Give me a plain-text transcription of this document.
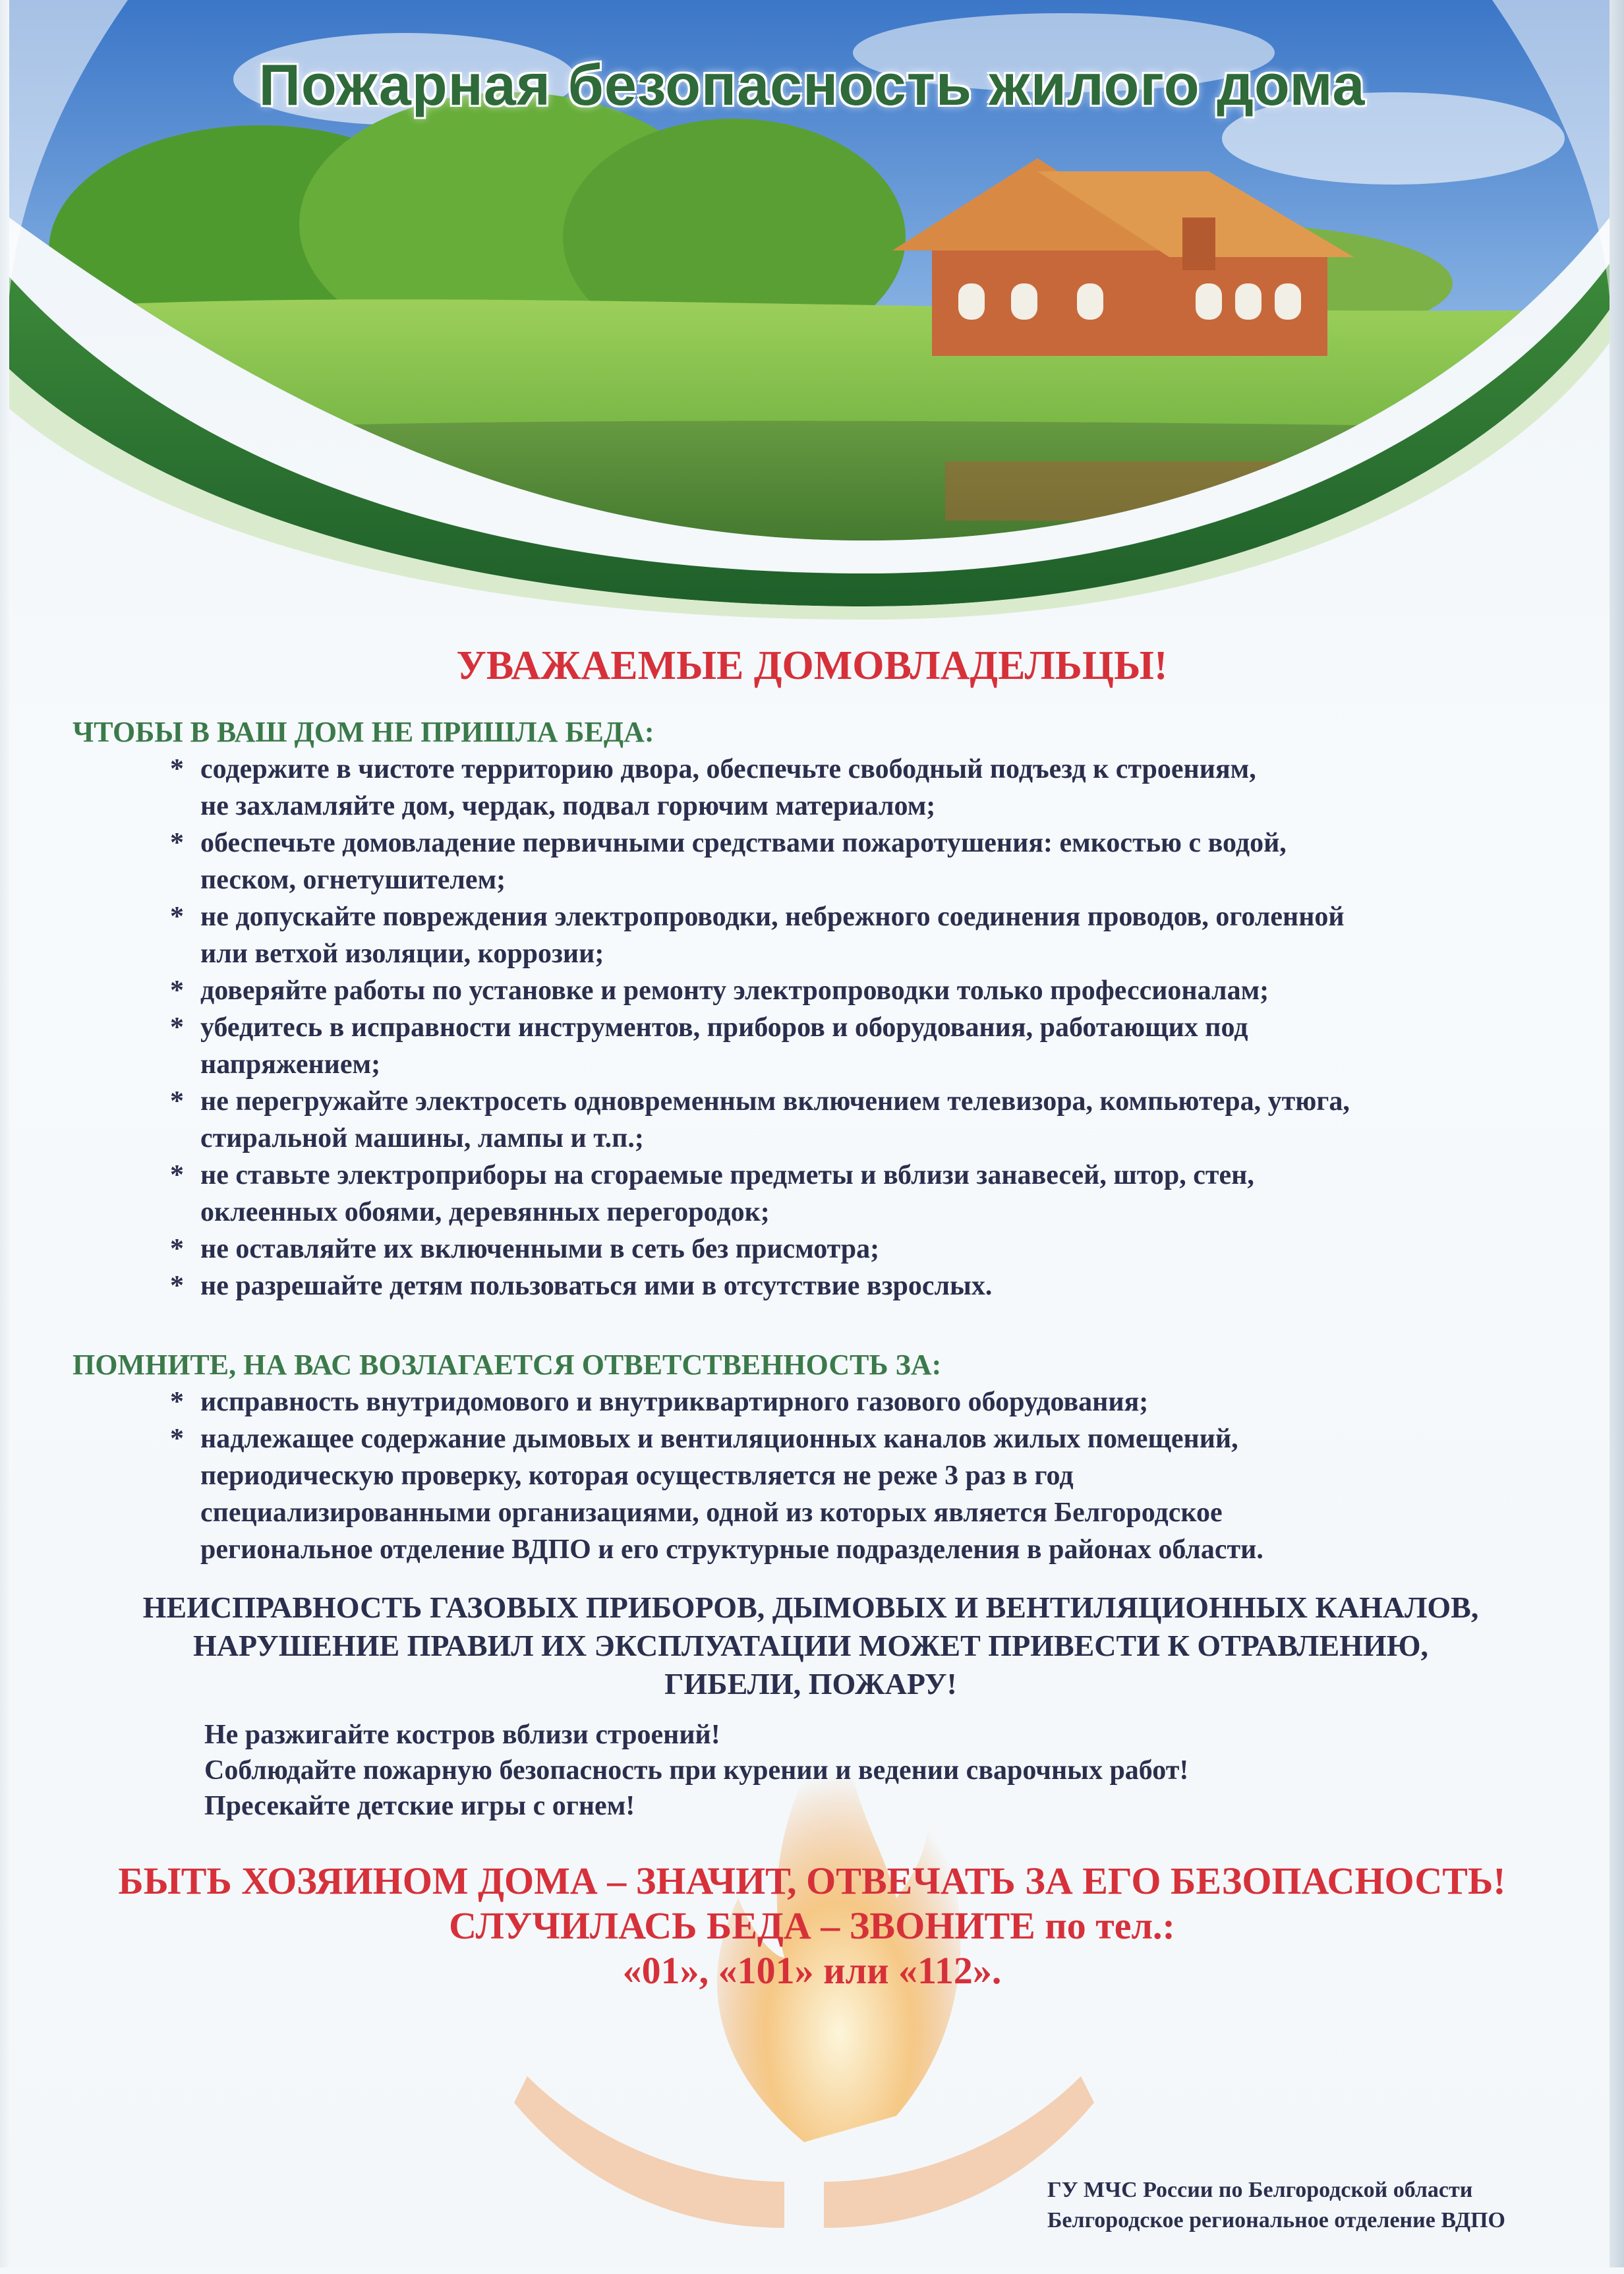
Пожарная безопасность жилого дома
УВАЖАЕМЫЕ ДОМОВЛАДЕЛЬЦЫ!
ЧТОБЫ В ВАШ ДОМ НЕ ПРИШЛА БЕДА:
* содержите в чистоте территорию двора, обеспечьте свободный подъезд к строениям,
не захламляйте дом, чердак, подвал горючим материалом;
* обеспечьте домовладение первичными средствами пожаротушения: емкостью с водой,
песком, огнетушителем;
* не допускайте повреждения электропроводки, небрежного соединения проводов, оголенной
или ветхой изоляции, коррозии;
* доверяйте работы по установке и ремонту электропроводки только профессионалам;
* убедитесь в исправности инструментов, приборов и оборудования, работающих под
напряжением;
* не перегружайте электросеть одновременным включением телевизора, компьютера, утюга,
стиральной машины, лампы и т.п.;
* не ставьте электроприборы на сгораемые предметы и вблизи занавесей, штор, стен,
оклеенных обоями, деревянных перегородок;
* не оставляйте их включенными в сеть без присмотра;
* не разрешайте детям пользоваться ими в отсутствие взрослых.
ПОМНИТЕ, НА ВАС ВОЗЛАГАЕТСЯ ОТВЕТСТВЕННОСТЬ ЗА:
* исправность внутридомового и внутриквартирного газового оборудования;
* надлежащее содержание дымовых и вентиляционных каналов жилых помещений,
периодическую проверку, которая осуществляется не реже 3 раз в год
специализированными организациями, одной из которых является Белгородское
региональное отделение ВДПО и его структурные подразделения в районах области.
НЕИСПРАВНОСТЬ ГАЗОВЫХ ПРИБОРОВ, ДЫМОВЫХ И ВЕНТИЛЯЦИОННЫХ КАНАЛОВ,
НАРУШЕНИЕ ПРАВИЛ ИХ ЭКСПЛУАТАЦИИ МОЖЕТ ПРИВЕСТИ К ОТРАВЛЕНИЮ,
ГИБЕЛИ, ПОЖАРУ!
Не разжигайте костров вблизи строений!
Соблюдайте пожарную безопасность при курении и ведении сварочных работ!
Пресекайте детские игры с огнем!
БЫТЬ ХОЗЯИНОМ ДОМА – ЗНАЧИТ, ОТВЕЧАТЬ ЗА ЕГО БЕЗОПАСНОСТЬ!
СЛУЧИЛАСЬ БЕДА – ЗВОНИТЕ по тел.:
«01», «101» или «112».
ГУ МЧС России по Белгородской области
Белгородское региональное отделение ВДПО
